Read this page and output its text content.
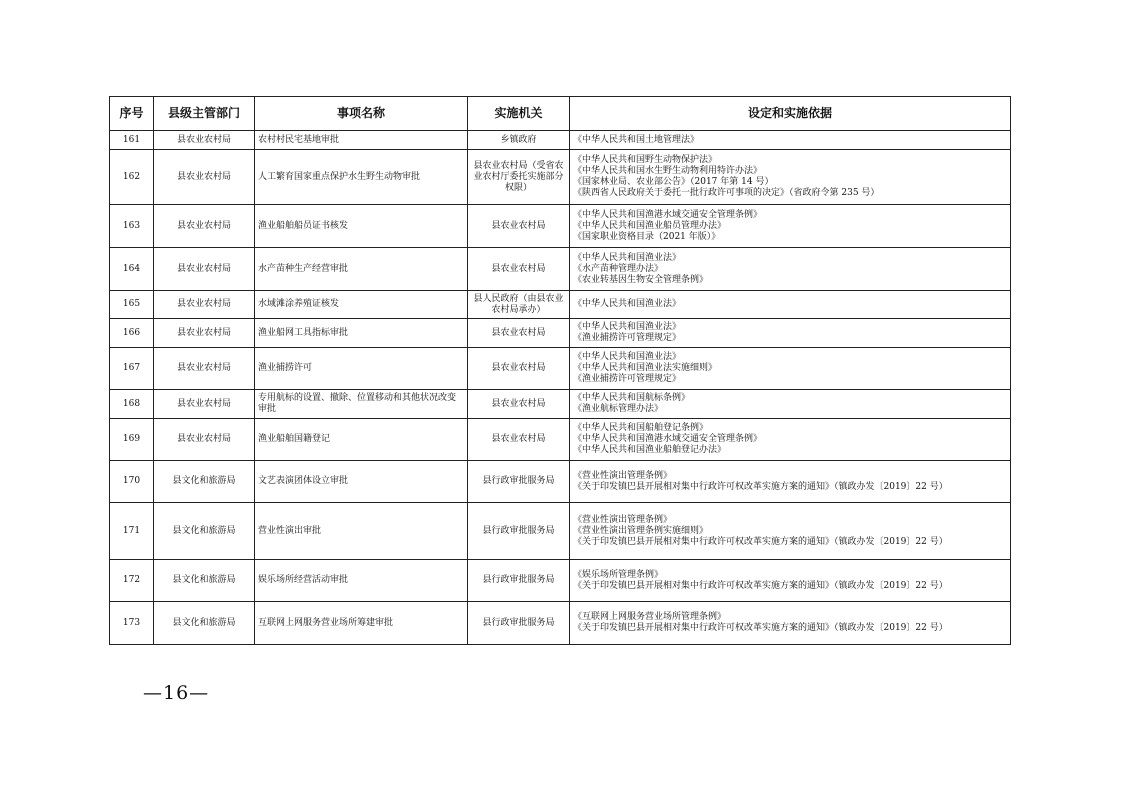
序号	县级主管部门	事项名称	实施机关	设定和实施依据
161	县农业农村局	农村村民宅基地审批	乡镇政府	《中华人民共和国土地管理法》

162	县农业农村局	人工繁育国家重点保护水生野生动物审批	县农业农村局（受省农业农村厅委托实施部分权限）	《中华人民共和国野生动物保护法》
《中华人民共和国水生野生动物利用特许办法》
《国家林业局、农业部公告》（2017 年第 14 号）
《陕西省人民政府关于委托一批行政许可事项的决定》（省政府令第 235 号）

163	县农业农村局	渔业船舶船员证书核发	县农业农村局	《中华人民共和国渔港水域交通安全管理条例》
《中华人民共和国渔业船员管理办法》
《国家职业资格目录（2021 年版）》

164	县农业农村局	水产苗种生产经营审批	县农业农村局	《中华人民共和国渔业法》
《水产苗种管理办法》
《农业转基因生物安全管理条例》

165	县农业农村局	水域滩涂养殖证核发	县人民政府（由县农业农村局承办）	《中华人民共和国渔业法》

166	县农业农村局	渔业船网工具指标审批	县农业农村局	《中华人民共和国渔业法》
《渔业捕捞许可管理规定》

167	县农业农村局	渔业捕捞许可	县农业农村局	《中华人民共和国渔业法》
《中华人民共和国渔业法实施细则》
《渔业捕捞许可管理规定》

168	县农业农村局	专用航标的设置、撤除、位置移动和其他状况改变审批	县农业农村局	《中华人民共和国航标条例》
《渔业航标管理办法》

169	县农业农村局	渔业船舶国籍登记	县农业农村局	《中华人民共和国船舶登记条例》
《中华人民共和国渔港水域交通安全管理条例》
《中华人民共和国渔业船舶登记办法》

170	县文化和旅游局	文艺表演团体设立审批	县行政审批服务局	《营业性演出管理条例》
《关于印发镇巴县开展相对集中行政许可权改革实施方案的通知》（镇政办发〔2019〕22 号）

171	县文化和旅游局	营业性演出审批	县行政审批服务局	《营业性演出管理条例》
《营业性演出管理条例实施细则》
《关于印发镇巴县开展相对集中行政许可权改革实施方案的通知》（镇政办发〔2019〕22 号）

172	县文化和旅游局	娱乐场所经营活动审批	县行政审批服务局	《娱乐场所管理条例》
《关于印发镇巴县开展相对集中行政许可权改革实施方案的通知》（镇政办发〔2019〕22 号）

173	县文化和旅游局	互联网上网服务营业场所筹建审批	县行政审批服务局	《互联网上网服务营业场所管理条例》
《关于印发镇巴县开展相对集中行政许可权改革实施方案的通知》（镇政办发〔2019〕22 号）
—16—
